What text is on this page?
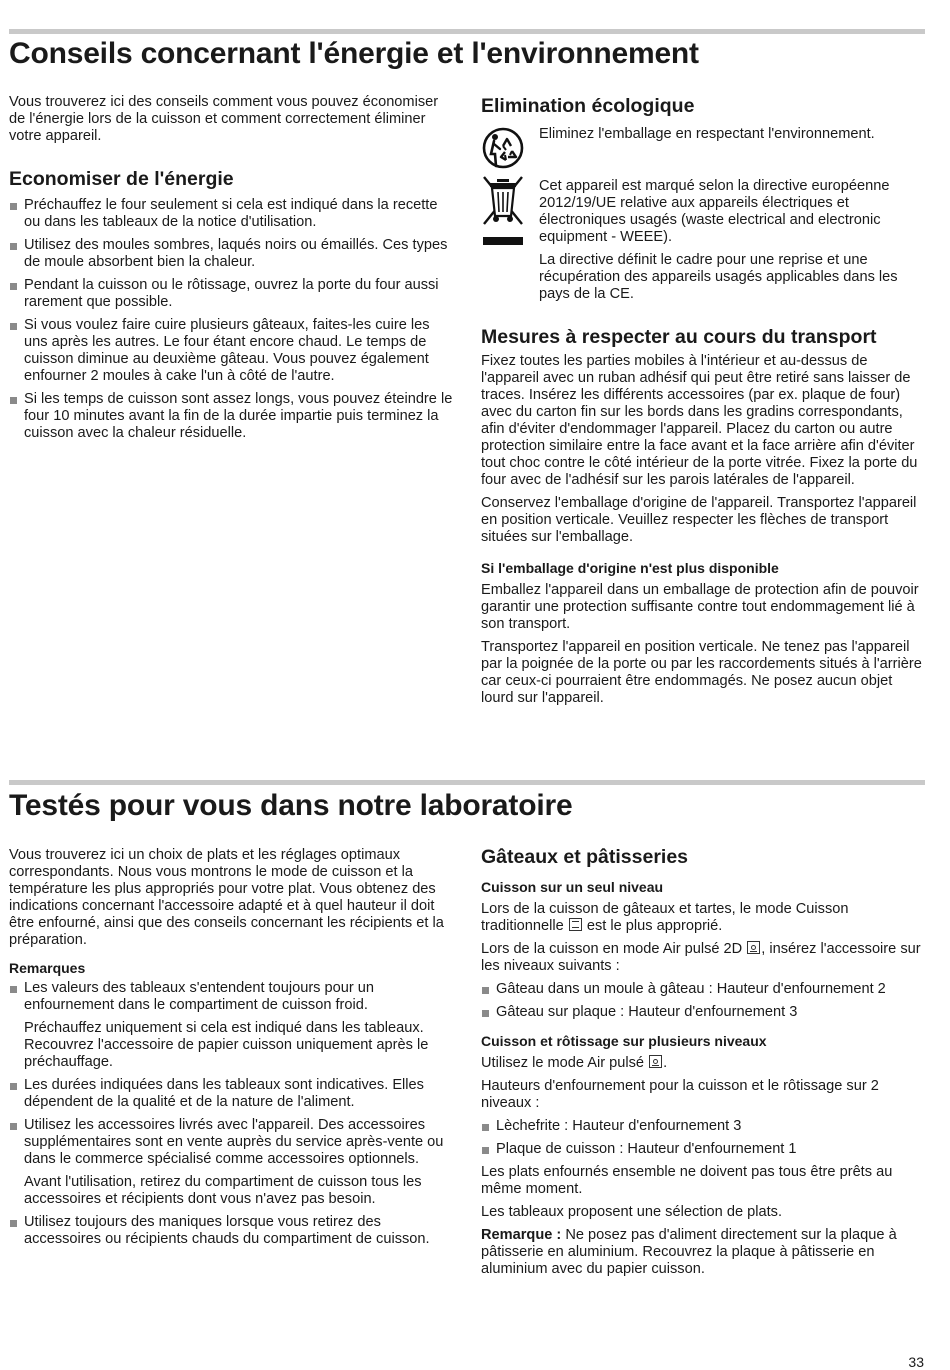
Conseils concernant l'énergie et l'environnement

Vous trouverez ici des conseils comment vous pouvez économiser de l'énergie lors de la cuisson et comment correctement éliminer votre appareil.

Economiser de l'énergie
Préchauffez le four seulement si cela est indiqué dans la recette ou dans les tableaux de la notice d'utilisation.
Utilisez des moules sombres, laqués noirs ou émaillés. Ces types de moule absorbent bien la chaleur.
Pendant la cuisson ou le rôtissage, ouvrez la porte du four aussi rarement que possible.
Si vous voulez faire cuire plusieurs gâteaux, faites-les cuire les uns après les autres. Le four étant encore chaud. Le temps de cuisson diminue au deuxième gâteau. Vous pouvez également enfourner 2 moules à cake l'un à côté de l'autre.
Si les temps de cuisson sont assez longs, vous pouvez éteindre le four 10 minutes avant la fin de la durée impartie puis terminez la cuisson avec la chaleur résiduelle.
Elimination écologique

Eliminez l'emballage en respectant l'environnement.

Cet appareil est marqué selon la directive européenne 2012/19/UE relative aux appareils électriques et électroniques usagés (waste electrical and electronic equipment - WEEE).

La directive définit le cadre pour une reprise et une récupération des appareils usagés applicables dans les pays de la CE.

Mesures à respecter au cours du transport

Fixez toutes les parties mobiles à l'intérieur et au-dessus de l'appareil avec un ruban adhésif qui peut être retiré sans laisser de traces. Insérez les différents accessoires (par ex. plaque de four) avec du carton fin sur les bords dans les gradins correspondants, afin d'éviter d'endommager l'appareil. Placez du carton ou autre protection similaire entre la face avant et la face arrière afin d'éviter tout choc contre le côté intérieur de la porte vitrée. Fixez la porte du four avec de l'adhésif sur les parois latérales de l'appareil.

Conservez l'emballage d'origine de l'appareil. Transportez l'appareil en position verticale. Veuillez respecter les flèches de transport situées sur l'emballage.

Si l'emballage d'origine n'est plus disponible

Emballez l'appareil dans un emballage de protection afin de pouvoir garantir une protection suffisante contre tout endommagement lié à son transport.

Transportez l'appareil en position verticale. Ne tenez pas l'appareil par la poignée de la porte ou par les raccordements situés à l'arrière car ceux-ci pourraient être endommagés. Ne posez aucun objet lourd sur l'appareil.

Testés pour vous dans notre laboratoire

Vous trouverez ici un choix de plats et les réglages optimaux correspondants. Nous vous montrons le mode de cuisson et la température les plus appropriés pour votre plat. Vous obtenez des indications concernant l'accessoire adapté et à quel hauteur il doit être enfourné, ainsi que des conseils concernant les récipients et la préparation.

Remarques

Les valeurs des tableaux s'entendent toujours pour un enfournement dans le compartiment de cuisson froid.

Préchauffez uniquement si cela est indiqué dans les tableaux. Recouvrez l'accessoire de papier cuisson uniquement après le préchauffage.

Les durées indiquées dans les tableaux sont indicatives. Elles dépendent de la qualité et de la nature de l'aliment.

Utilisez les accessoires livrés avec l'appareil. Des accessoires supplémentaires sont en vente auprès du service après-vente ou dans le commerce spécialisé comme accessoires optionnels.

Avant l'utilisation, retirez du compartiment de cuisson tous les accessoires et récipients dont vous n'avez pas besoin.

Utilisez toujours des maniques lorsque vous retirez des accessoires ou récipients chauds du compartiment de cuisson.

Gâteaux et pâtisseries
Cuisson sur un seul niveau

Lors de la cuisson de gâteaux et tartes, le mode Cuisson traditionnelle  est le plus approprié.

Lors de la cuisson en mode Air pulsé 2D , insérez l'accessoire sur les niveaux suivants :

Gâteau dans un moule à gâteau : Hauteur d'enfournement 2
Gâteau sur plaque : Hauteur d'enfournement 3
Cuisson et rôtissage sur plusieurs niveaux

Utilisez le mode Air pulsé .

Hauteurs d'enfournement pour la cuisson et le rôtissage sur 2 niveaux :

Lèchefrite : Hauteur d'enfournement 3
Plaque de cuisson : Hauteur d'enfournement 1

Les plats enfournés ensemble ne doivent pas tous être prêts au même moment.

Les tableaux proposent une sélection de plats.

Remarque : Ne posez pas d'aliment directement sur la plaque à pâtisserie en aluminium. Recouvrez la plaque à pâtisserie en aluminium avec du papier cuisson.

33
